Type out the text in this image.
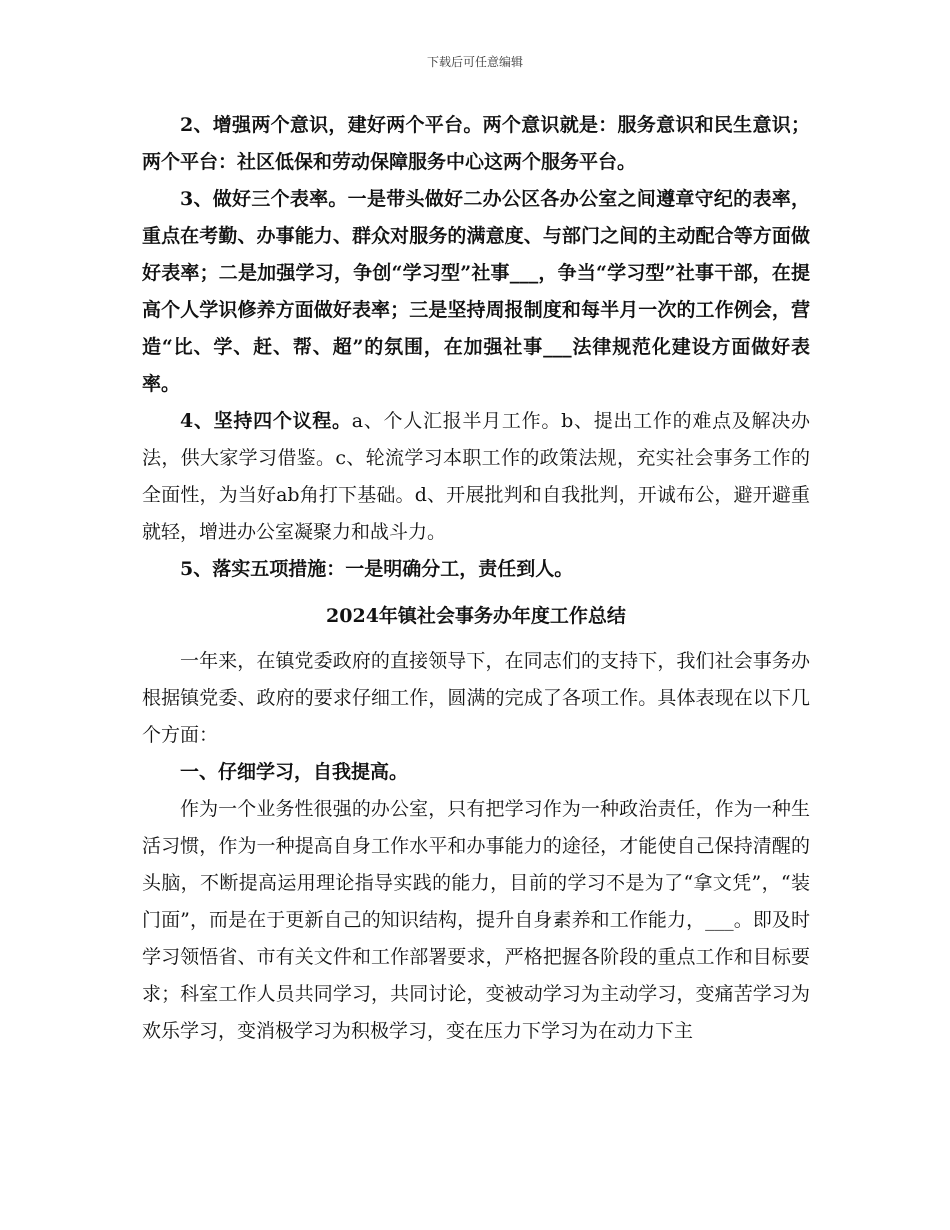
下载后可任意编辑

2、增强两个意识，建好两个平台。两个意识就是：服务意识和民生意识；两个平台：社区低保和劳动保障服务中心这两个服务平台。

3、做好三个表率。一是带头做好二办公区各办公室之间遵章守纪的表率，重点在考勤、办事能力、群众对服务的满意度、与部门之间的主动配合等方面做好表率；二是加强学习，争创“学习型”社事___，争当“学习型”社事干部，在提高个人学识修养方面做好表率；三是坚持周报制度和每半月一次的工作例会，营造“比、学、赶、帮、超”的氛围，在加强社事___法律规范化建设方面做好表率。

4、坚持四个议程。a、个人汇报半月工作。b、提出工作的难点及解决办法，供大家学习借鉴。c、轮流学习本职工作的政策法规，充实社会事务工作的全面性，为当好ab角打下基础。d、开展批判和自我批判，开诚布公，避开避重就轻，增进办公室凝聚力和战斗力。

5、落实五项措施：一是明确分工，责任到人。

2024年镇社会事务办年度工作总结

一年来，在镇党委政府的直接领导下，在同志们的支持下，我们社会事务办根据镇党委、政府的要求仔细工作，圆满的完成了各项工作。具体表现在以下几个方面：

一、仔细学习，自我提高。

作为一个业务性很强的办公室，只有把学习作为一种政治责任，作为一种生活习惯，作为一种提高自身工作水平和办事能力的途径，才能使自己保持清醒的头脑，不断提高运用理论指导实践的能力，目前的学习不是为了“拿文凭”，“装门面”，而是在于更新自己的知识结构，提升自身素养和工作能力，___。即及时学习领悟省、市有关文件和工作部署要求，严格把握各阶段的重点工作和目标要求；科室工作人员共同学习，共同讨论，变被动学习为主动学习，变痛苦学习为欢乐学习，变消极学习为积极学习，变在压力下学习为在动力下主
